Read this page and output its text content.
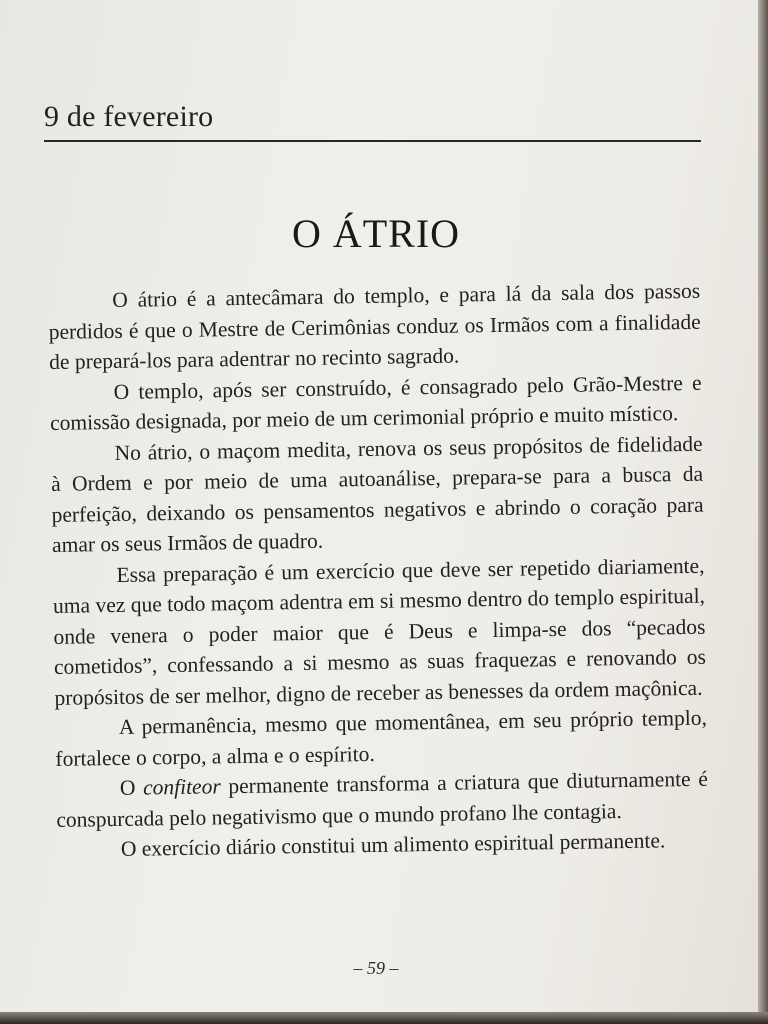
9 de fevereiro
O ÁTRIO

O átrio é a antecâmara do templo, e para lá da sala dos passos perdidos é que o Mestre de Cerimônias conduz os Irmãos com a finalidade de prepará-los para adentrar no recinto sagrado.

O templo, após ser construído, é consagrado pelo Grão-Mestre e comissão designada, por meio de um cerimonial próprio e muito místico.

No átrio, o maçom medita, renova os seus propósitos de fidelidade à Ordem e por meio de uma autoanálise, prepara-se para a busca da perfeição, deixando os pensamentos negativos e abrindo o coração para amar os seus Irmãos de quadro.

Essa preparação é um exercício que deve ser repetido diariamente, uma vez que todo maçom adentra em si mesmo dentro do templo espiritual, onde venera o poder maior que é Deus e limpa-se dos “pecados cometidos”, confessando a si mesmo as suas fraquezas e renovando os propósitos de ser melhor, digno de receber as benesses da ordem maçônica.

A permanência, mesmo que momentânea, em seu próprio templo, fortalece o corpo, a alma e o espírito.

O confiteor permanente transforma a criatura que diuturnamente é conspurcada pelo negativismo que o mundo profano lhe contagia.

O exercício diário constitui um alimento espiritual permanente.

– 59 –
